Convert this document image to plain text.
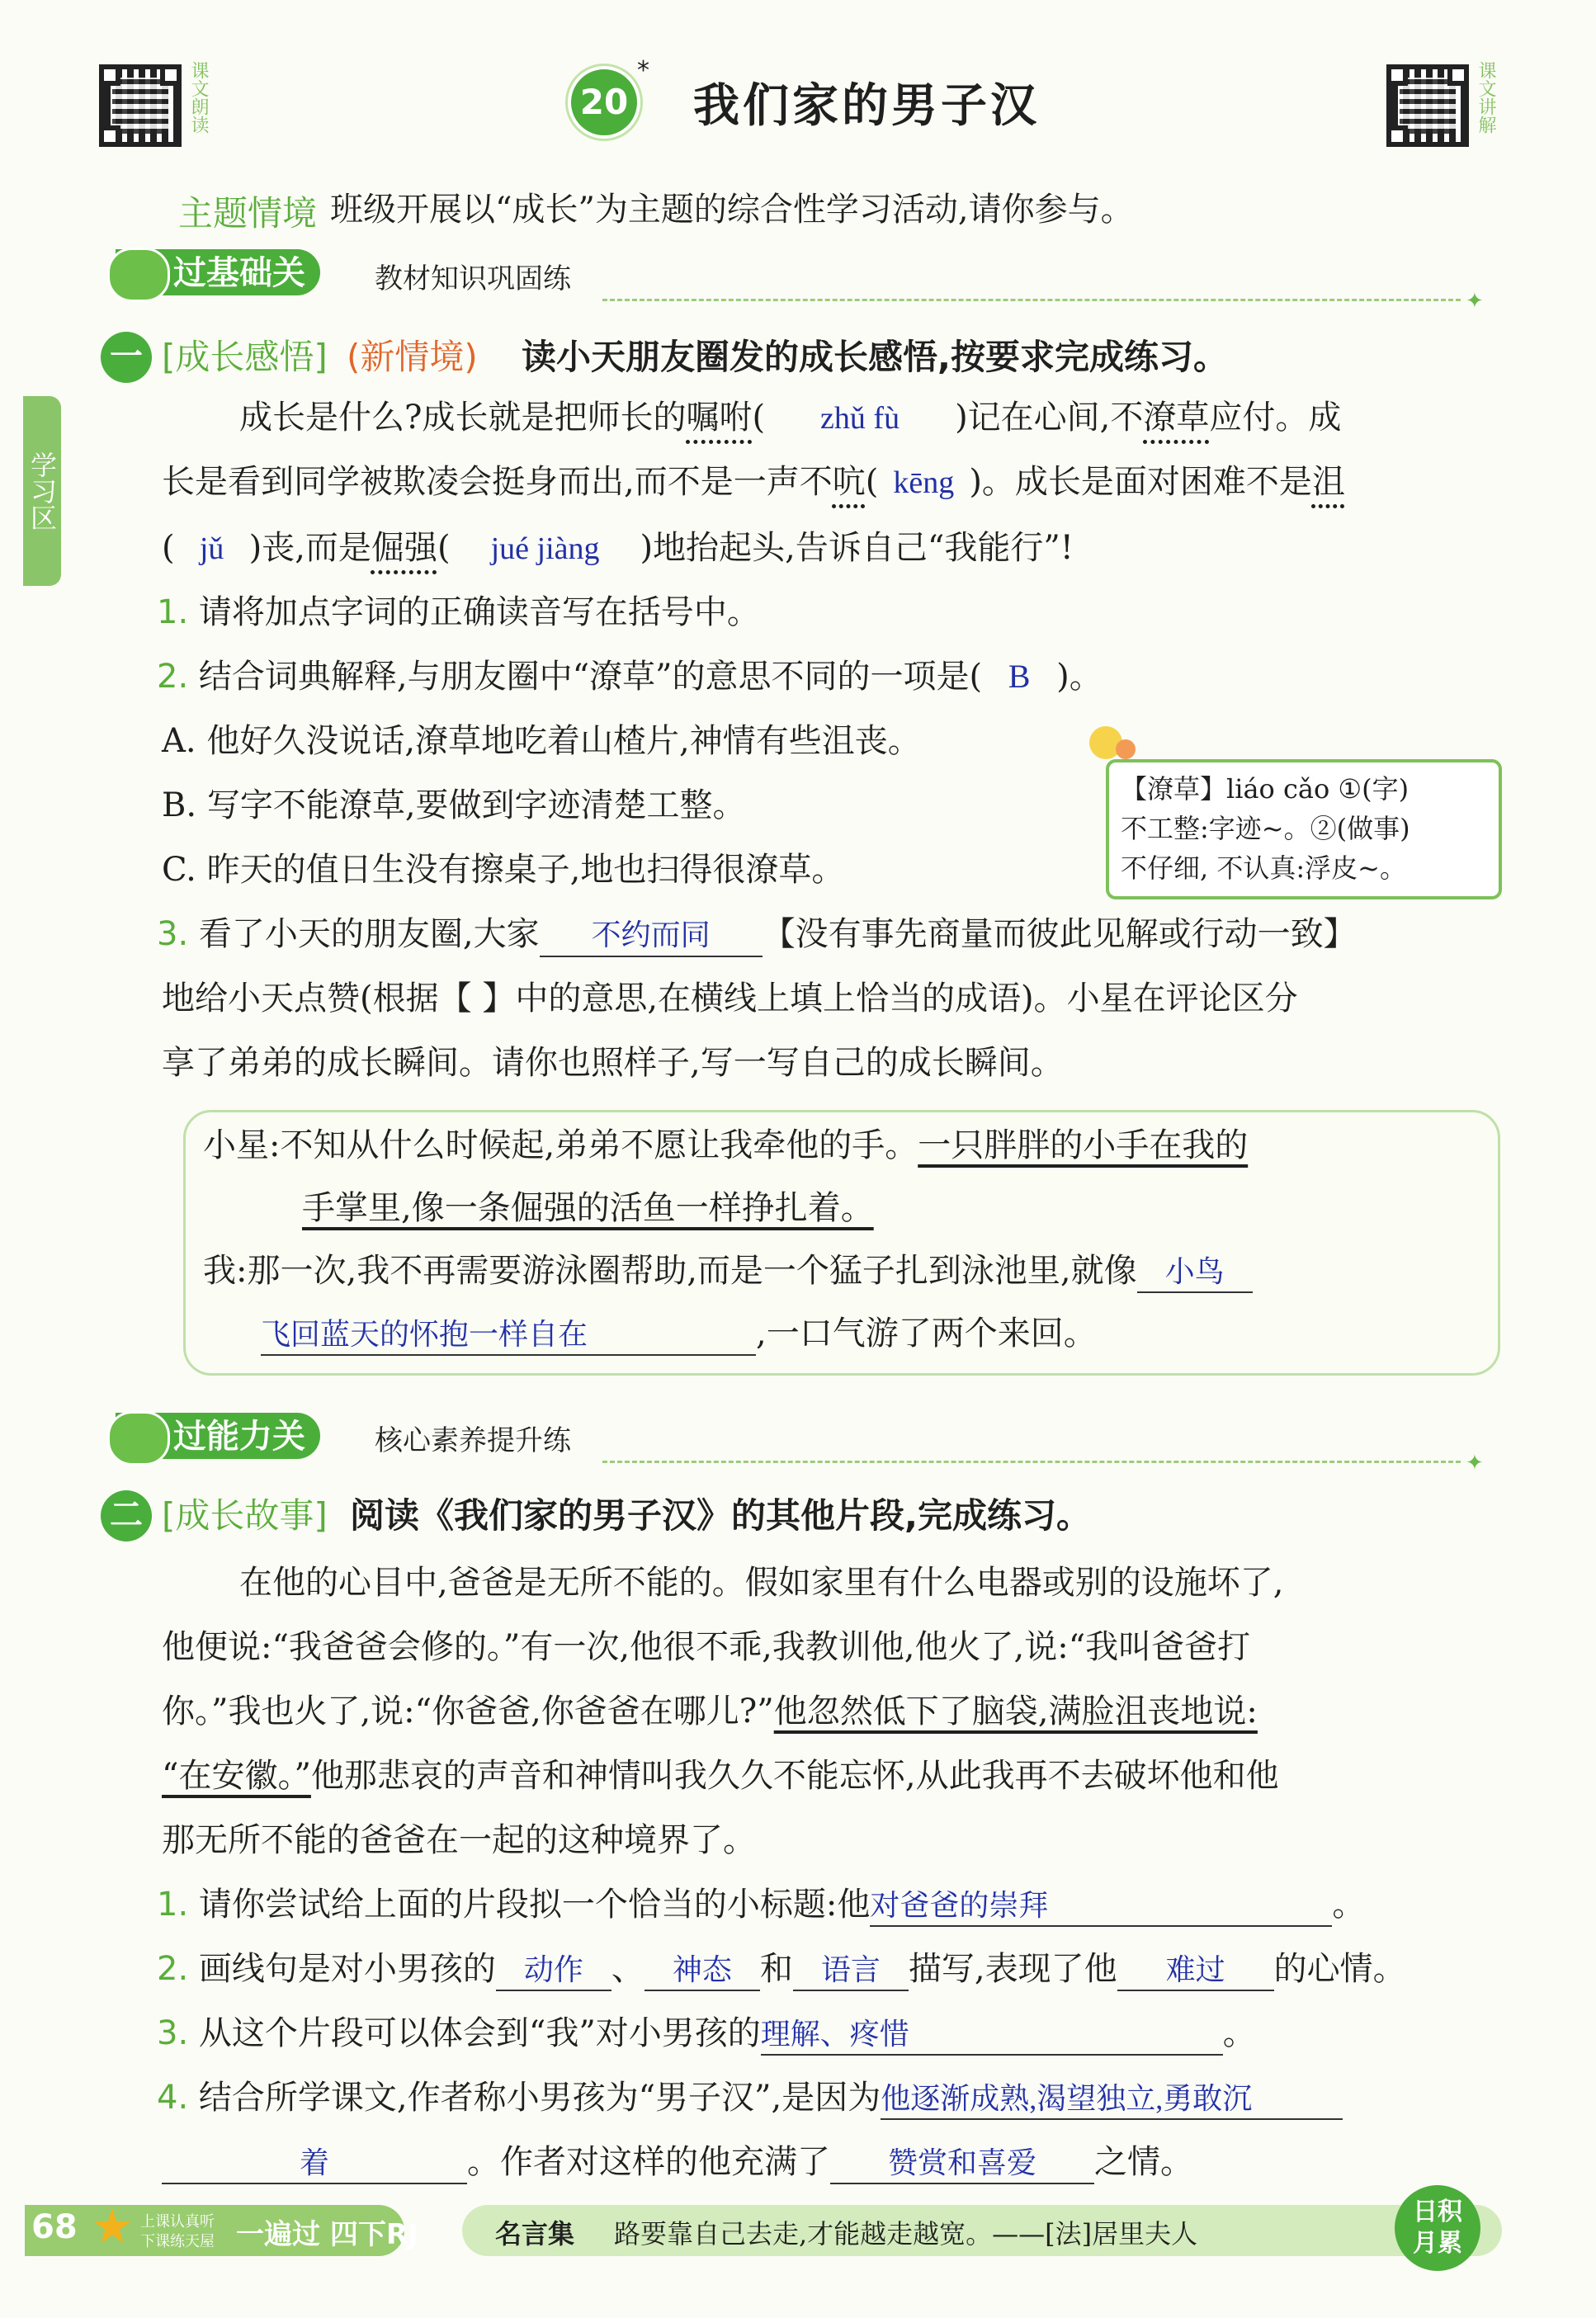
课文朗读	20
*
我们家的男子汉	课文讲解
主题情境 班级开展以“成长”为主题的综合性学习活动,请你参与。
学习区
过基础关	教材知识巩固练
✦
一 [成长感悟] (新情境) 读小天朋友圈发的成长感悟,按要求完成练习。
成长是什么?成长就是把师长的嘱咐( zhǔ fù )记在心间,不潦草应付。成
长是看到同学被欺凌会挺身而出,而不是一声不吭( kēng )。成长是面对困难不是沮
( jǔ )丧,而是倔强( jué jiàng )地抬起头,告诉自己“我能行”!
1. 请将加点字词的正确读音写在括号中。
2. 结合词典解释,与朋友圈中“潦草”的意思不同的一项是( B )。
A. 他好久没说话,潦草地吃着山楂片,神情有些沮丧。
B. 写字不能潦草,要做到字迹清楚工整。
C. 昨天的值日生没有擦桌子,地也扫得很潦草。
【潦草】liáo cǎo ①(字)
不工整:字迹~。②(做事)
不仔细, 不认真:浮皮~。
3. 看了小天的朋友圈,大家 不约而同 【没有事先商量而彼此见解或行动一致】
地给小天点赞(根据【 】中的意思,在横线上填上恰当的成语)。小星在评论区分
享了弟弟的成长瞬间。请你也照样子,写一写自己的成长瞬间。
小星:不知从什么时候起,弟弟不愿让我牵他的手。一只胖胖的小手在我的
手掌里,像一条倔强的活鱼一样挣扎着。
我:那一次,我不再需要游泳圈帮助,而是一个猛子扎到泳池里,就像 小鸟
飞回蓝天的怀抱一样自在	,一口气游了两个来回。
过能力关	核心素养提升练
✦
二 [成长故事] 阅读《我们家的男子汉》的其他片段,完成练习。
在他的心目中,爸爸是无所不能的。假如家里有什么电器或别的设施坏了,
他便说:“我爸爸会修的。”有一次,他很不乖,我教训他,他火了,说:“我叫爸爸打
你。”我也火了,说:“你爸爸,你爸爸在哪儿?”他忽然低下了脑袋,满脸沮丧地说:
“在安徽。”他那悲哀的声音和神情叫我久久不能忘怀,从此我再不去破坏他和他
那无所不能的爸爸在一起的这种境界了。
1. 请你尝试给上面的片段拟一个恰当的小标题:他对爸爸的崇拜	。
2. 画线句是对小男孩的 动作 、 神态 和 语言 描写,表现了他 难过 的心情。
3. 从这个片段可以体会到“我”对小男孩的理解、疼惜	。
4. 结合所学课文,作者称小男孩为“男子汉”,是因为他逐渐成熟,渴望独立,勇敢沉
着	。作者对这样的他充满了 赞赏和喜爱 之情。
68 ★ 上课认真听
下课练天屋 一遍过 四下RJ	名言集 路要靠自己去走,才能越走越宽。——[法]居里夫人
日积月累
